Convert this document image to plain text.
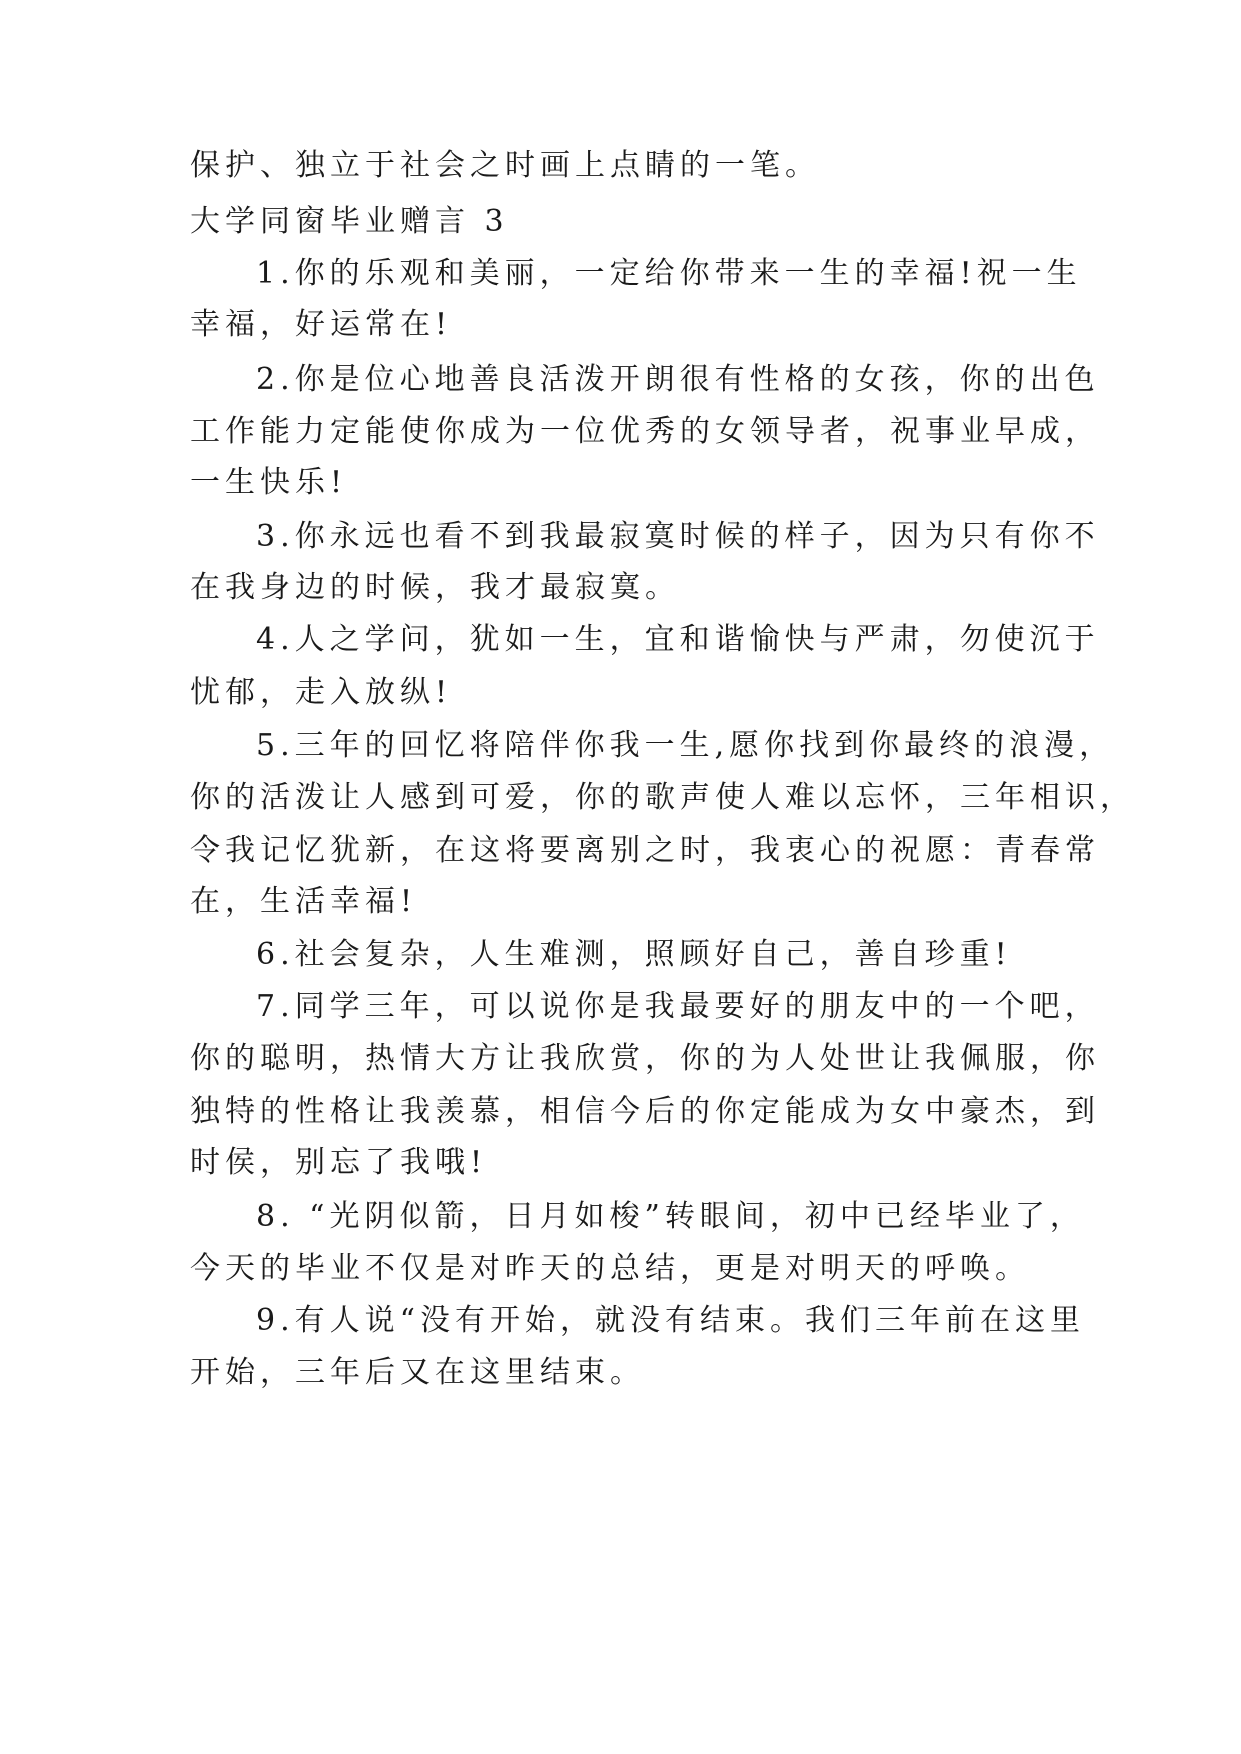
保护、独立于社会之时画上点睛的一笔。

大学同窗毕业赠言 3

1.你的乐观和美丽，一定给你带来一生的幸福!祝一生

幸福，好运常在!

2.你是位心地善良活泼开朗很有性格的女孩，你的出色

工作能力定能使你成为一位优秀的女领导者，祝事业早成，

一生快乐!

3.你永远也看不到我最寂寞时候的样子，因为只有你不

在我身边的时候，我才最寂寞。

4.人之学问，犹如一生，宜和谐愉快与严肃，勿使沉于

忧郁，走入放纵!

5.三年的回忆将陪伴你我一生,愿你找到你最终的浪漫，

你的活泼让人感到可爱，你的歌声使人难以忘怀，三年相识，

令我记忆犹新，在这将要离别之时，我衷心的祝愿：青春常

在，生活幸福!

6.社会复杂，人生难测，照顾好自己，善自珍重!

7.同学三年，可以说你是我最要好的朋友中的一个吧，

你的聪明，热情大方让我欣赏，你的为人处世让我佩服，你

独特的性格让我羡慕，相信今后的你定能成为女中豪杰，到

时侯，别忘了我哦!

8. “光阴似箭，日月如梭”转眼间，初中已经毕业了，

今天的毕业不仅是对昨天的总结，更是对明天的呼唤。

9.有人说“没有开始，就没有结束。我们三年前在这里

开始，三年后又在这里结束。
